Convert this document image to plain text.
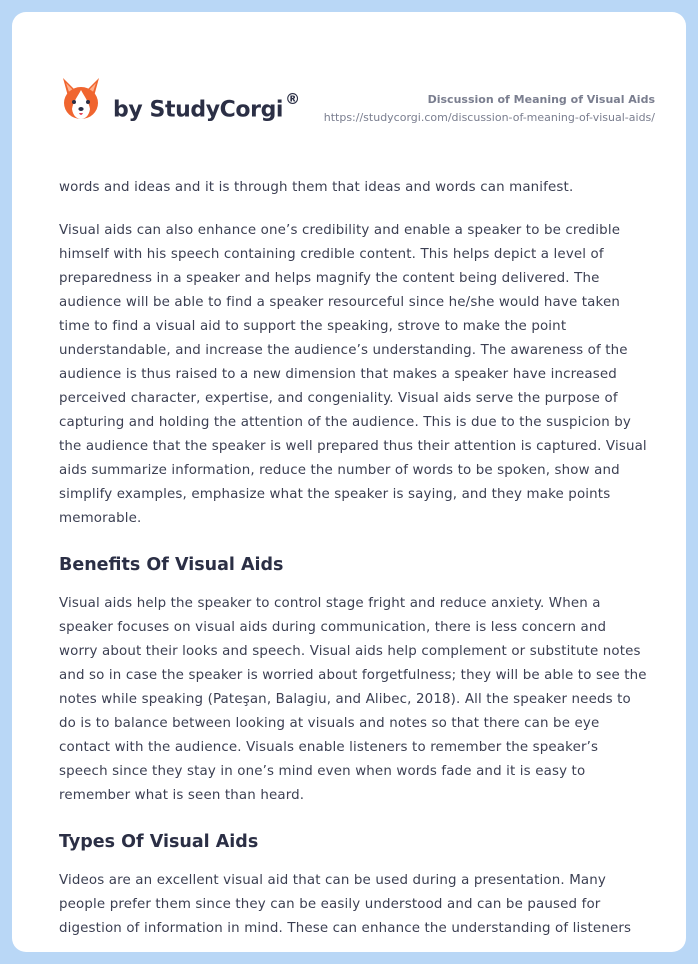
by StudyCorgi ®	Discussion of Meaning of Visual Aids
https://studycorgi.com/discussion-of-meaning-of-visual-aids/

words and ideas and it is through them that ideas and words can manifest.

Visual aids can also enhance one’s credibility and enable a speaker to be credible himself with his speech containing credible content. This helps depict a level of preparedness in a speaker and helps magnify the content being delivered. The audience will be able to find a speaker resourceful since he/she would have taken time to find a visual aid to support the speaking, strove to make the point understandable, and increase the audience’s understanding. The awareness of the audience is thus raised to a new dimension that makes a speaker have increased perceived character, expertise, and congeniality. Visual aids serve the purpose of capturing and holding the attention of the audience. This is due to the suspicion by the audience that the speaker is well prepared thus their attention is captured. Visual aids summarize information, reduce the number of words to be spoken, show and simplify examples, emphasize what the speaker is saying, and they make points memorable.

Benefits Of Visual Aids

Visual aids help the speaker to control stage fright and reduce anxiety. When a speaker focuses on visual aids during communication, there is less concern and worry about their looks and speech. Visual aids help complement or substitute notes and so in case the speaker is worried about forgetfulness; they will be able to see the notes while speaking (Pateşan, Balagiu, and Alibec, 2018). All the speaker needs to do is to balance between looking at visuals and notes so that there can be eye contact with the audience. Visuals enable listeners to remember the speaker’s speech since they stay in one’s mind even when words fade and it is easy to remember what is seen than heard.

Types Of Visual Aids

Videos are an excellent visual aid that can be used during a presentation. Many people prefer them since they can be easily understood and can be paused for digestion of information in mind. These can enhance the understanding of listeners
